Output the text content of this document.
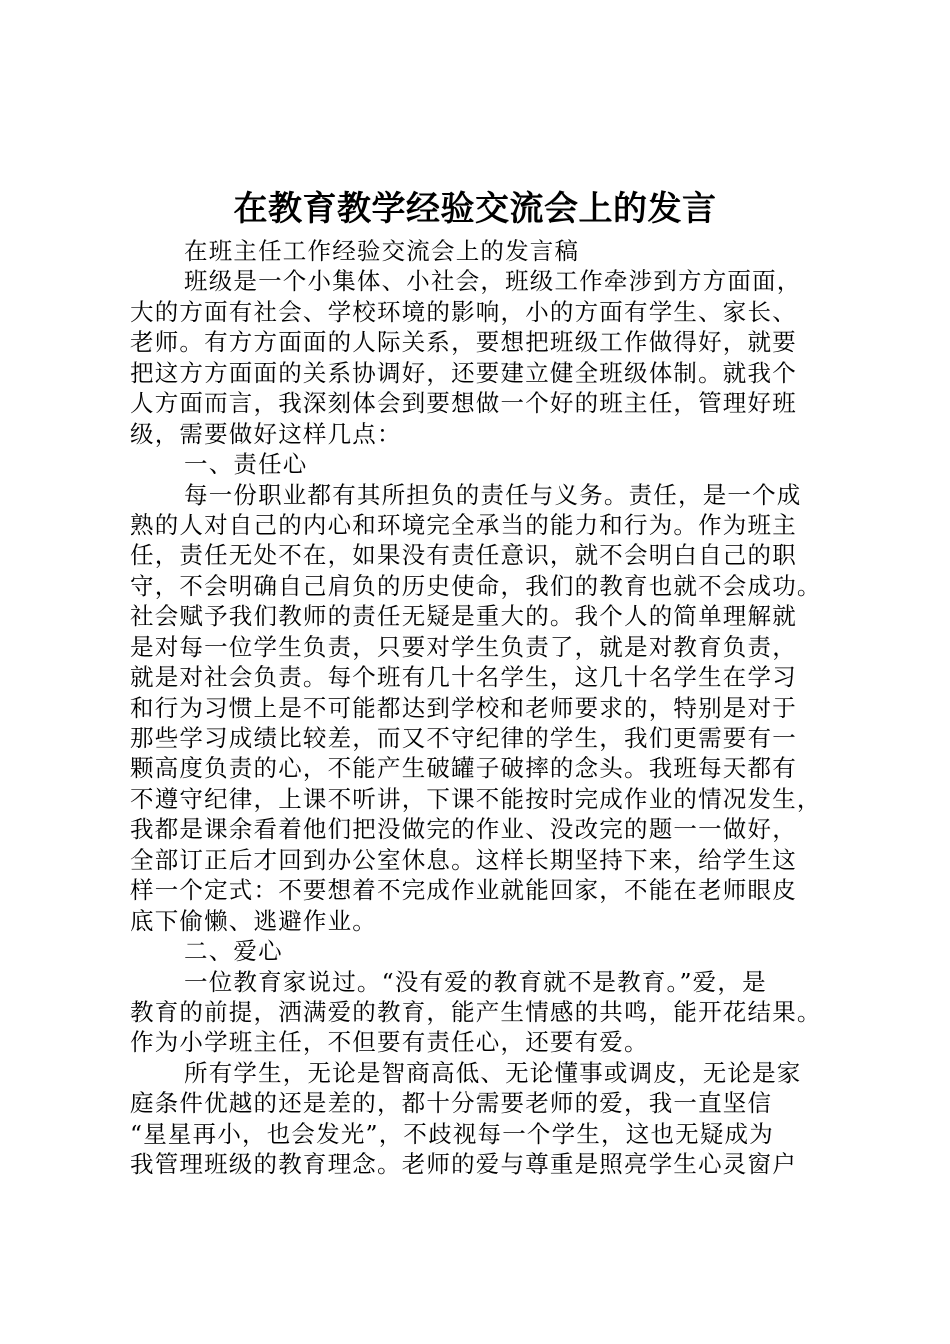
在教育教学经验交流会上的发言
在班主任工作经验交流会上的发言稿
班级是一个小集体、小社会，班级工作牵涉到方方面面，
大的方面有社会、学校环境的影响，小的方面有学生、家长、
老师。有方方面面的人际关系，要想把班级工作做得好，就要
把这方方面面的关系协调好，还要建立健全班级体制。就我个
人方面而言，我深刻体会到要想做一个好的班主任，管理好班
级，需要做好这样几点：
一、责任心
每一份职业都有其所担负的责任与义务。责任，是一个成
熟的人对自己的内心和环境完全承当的能力和行为。作为班主
任，责任无处不在，如果没有责任意识，就不会明白自己的职
守，不会明确自己肩负的历史使命，我们的教育也就不会成功。
社会赋予我们教师的责任无疑是重大的。我个人的简单理解就
是对每一位学生负责，只要对学生负责了，就是对教育负责，
就是对社会负责。每个班有几十名学生，这几十名学生在学习
和行为习惯上是不可能都达到学校和老师要求的，特别是对于
那些学习成绩比较差，而又不守纪律的学生，我们更需要有一
颗高度负责的心，不能产生破罐子破摔的念头。我班每天都有
不遵守纪律，上课不听讲，下课不能按时完成作业的情况发生，
我都是课余看着他们把没做完的作业、没改完的题一一做好，
全部订正后才回到办公室休息。这样长期坚持下来，给学生这
样一个定式：不要想着不完成作业就能回家，不能在老师眼皮
底下偷懒、逃避作业。
二、爱心
一位教育家说过。“没有爱的教育就不是教育。”爱，是
教育的前提，洒满爱的教育，能产生情感的共鸣，能开花结果。
作为小学班主任，不但要有责任心，还要有爱。
所有学生，无论是智商高低、无论懂事或调皮，无论是家
庭条件优越的还是差的，都十分需要老师的爱，我一直坚信
“星星再小，也会发光”，不歧视每一个学生，这也无疑成为
我管理班级的教育理念。老师的爱与尊重是照亮学生心灵窗户
